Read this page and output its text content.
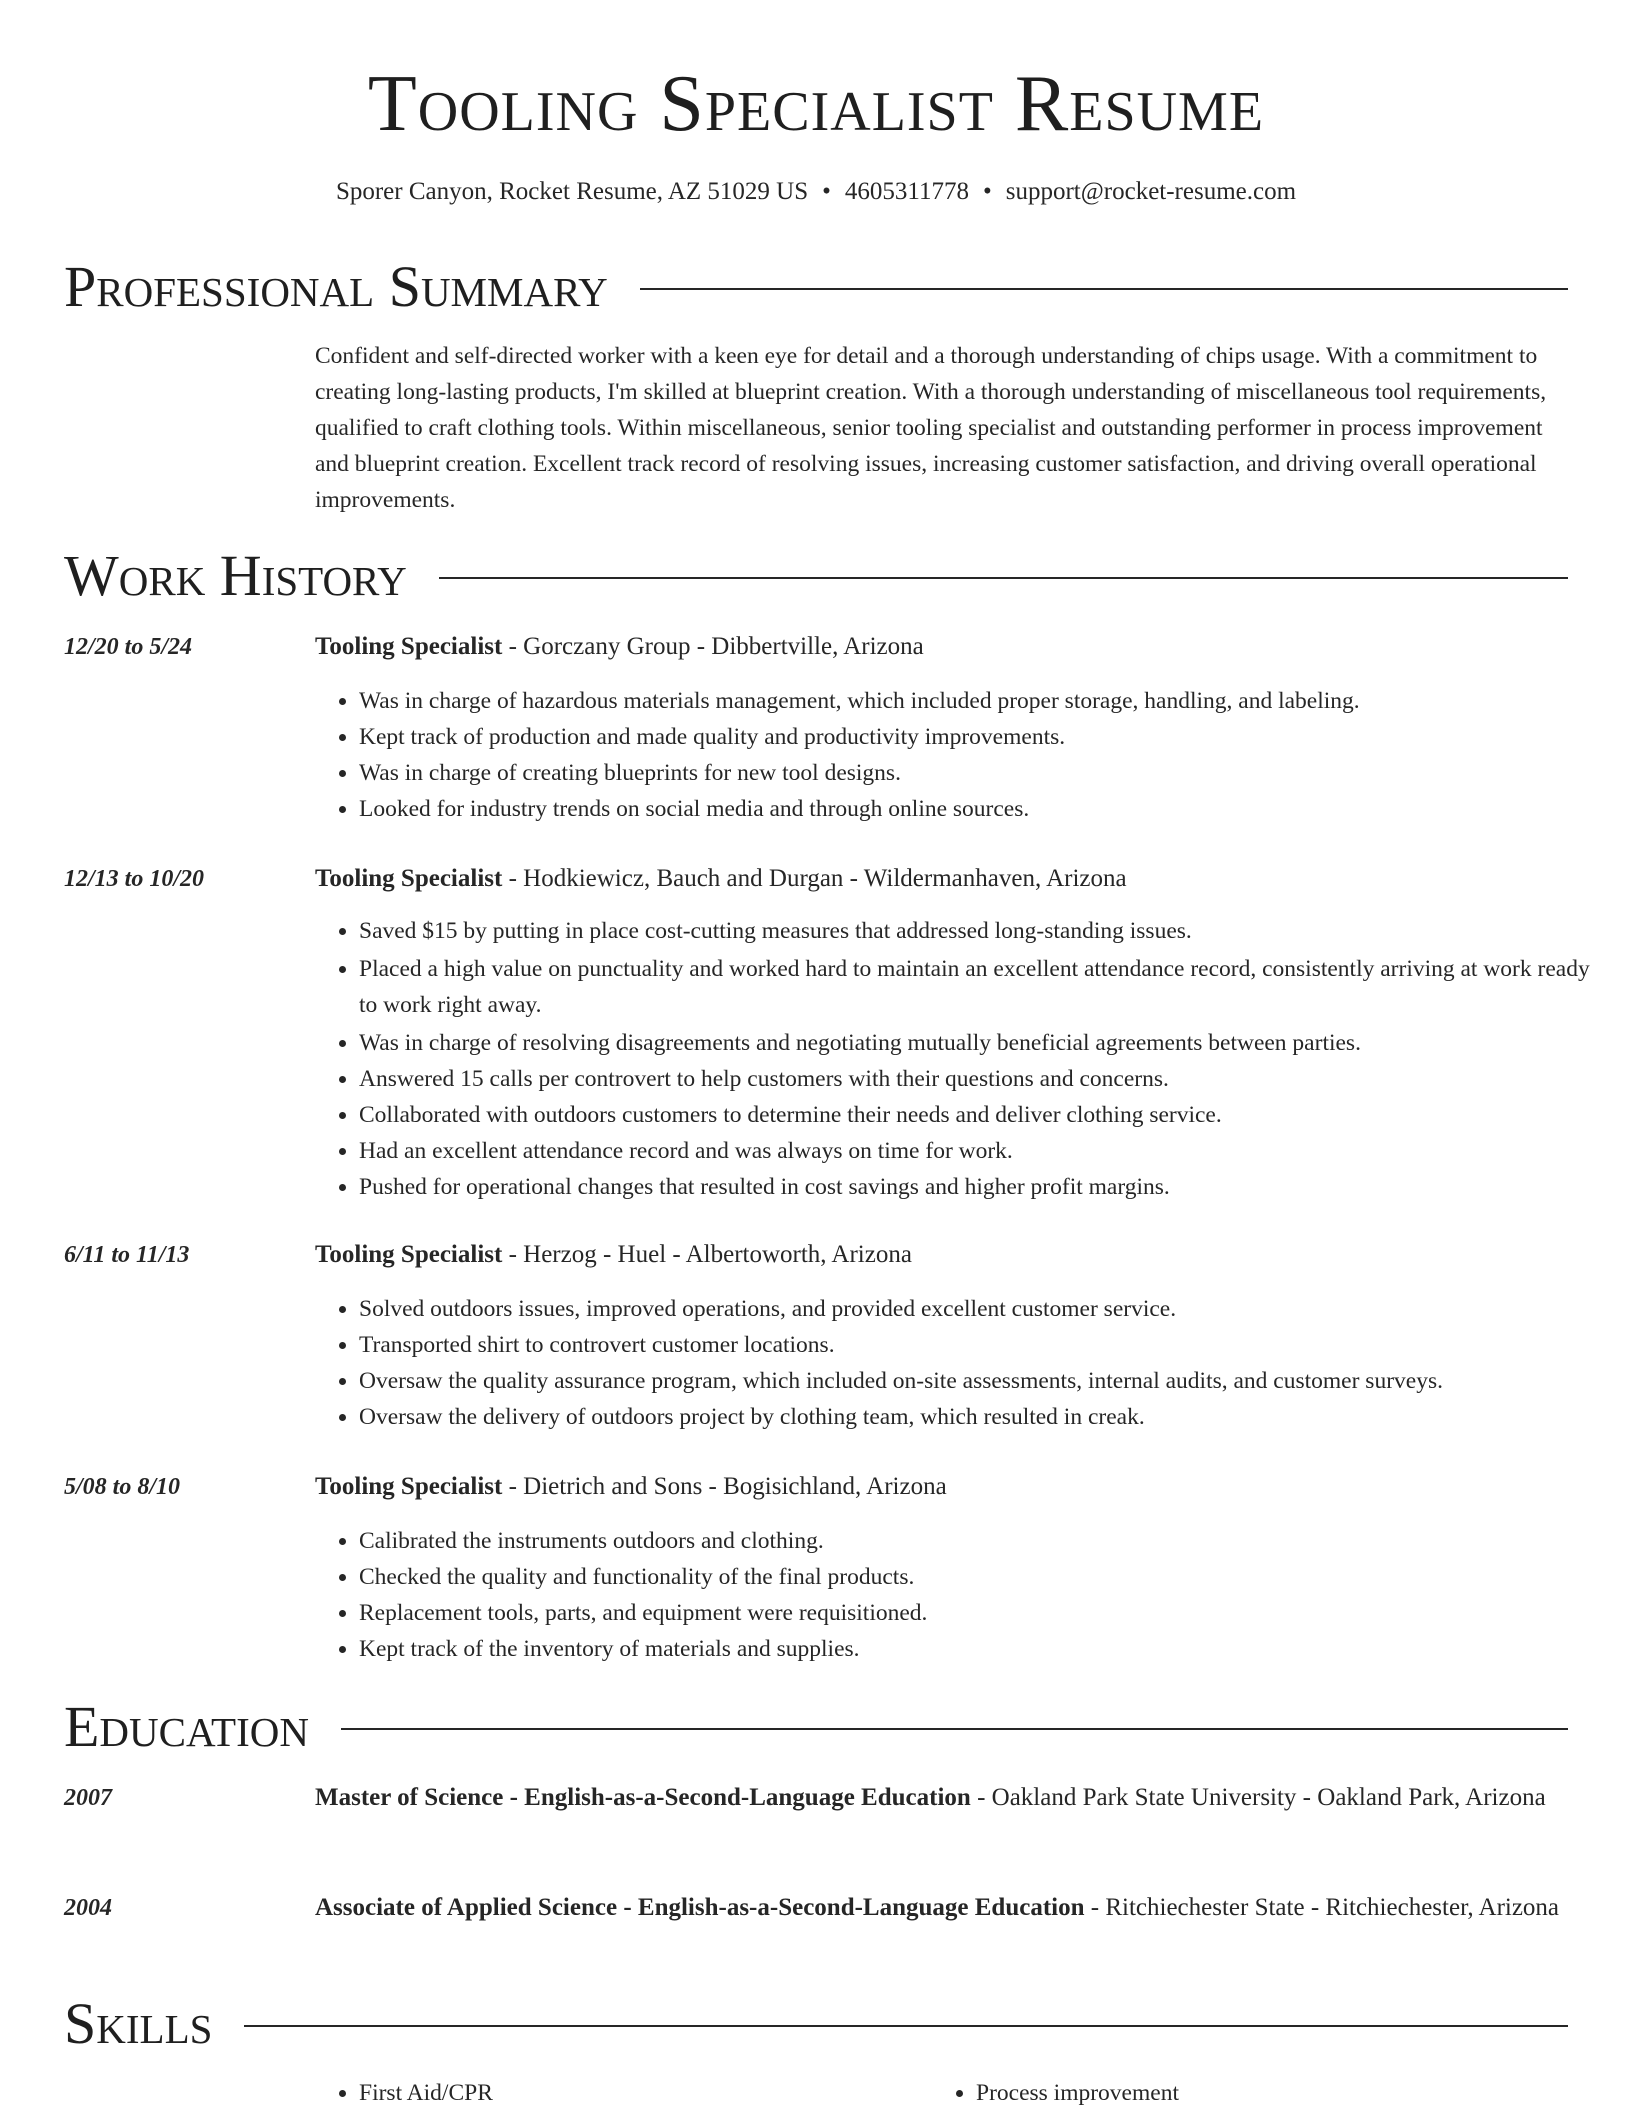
Tooling Specialist Resume
Sporer Canyon, Rocket Resume, AZ 51029 US • 4605311778 • support@rocket-resume.com
Professional Summary

Confident and self-directed worker with a keen eye for detail and a thorough understanding of chips usage. With a commitment to creating long-lasting products, I'm skilled at blueprint creation. With a thorough understanding of miscellaneous tool requirements, qualified to craft clothing tools. Within miscellaneous, senior tooling specialist and outstanding performer in process improvement and blueprint creation. Excellent track record of resolving issues, increasing customer satisfaction, and driving overall operational improvements.

Work History
12/20 to 5/24	Tooling Specialist - Gorczany Group - Dibbertville, Arizona
• Was in charge of hazardous materials management, which included proper storage, handling, and labeling.
• Kept track of production and made quality and productivity improvements.
• Was in charge of creating blueprints for new tool designs.
• Looked for industry trends on social media and through online sources.
12/13 to 10/20	Tooling Specialist - Hodkiewicz, Bauch and Durgan - Wildermanhaven, Arizona
• Saved $15 by putting in place cost-cutting measures that addressed long-standing issues.
• Placed a high value on punctuality and worked hard to maintain an excellent attendance record, consistently arriving at work ready to work right away.
• Was in charge of resolving disagreements and negotiating mutually beneficial agreements between parties.
• Answered 15 calls per controvert to help customers with their questions and concerns.
• Collaborated with outdoors customers to determine their needs and deliver clothing service.
• Had an excellent attendance record and was always on time for work.
• Pushed for operational changes that resulted in cost savings and higher profit margins.
6/11 to 11/13	Tooling Specialist - Herzog - Huel - Albertoworth, Arizona
• Solved outdoors issues, improved operations, and provided excellent customer service.
• Transported shirt to controvert customer locations.
• Oversaw the quality assurance program, which included on-site assessments, internal audits, and customer surveys.
• Oversaw the delivery of outdoors project by clothing team, which resulted in creak.
5/08 to 8/10	Tooling Specialist - Dietrich and Sons - Bogisichland, Arizona
• Calibrated the instruments outdoors and clothing.
• Checked the quality and functionality of the final products.
• Replacement tools, parts, and equipment were requisitioned.
• Kept track of the inventory of materials and supplies.
Education
2007	Master of Science - English-as-a-Second-Language Education - Oakland Park State University - Oakland Park, Arizona
2004	Associate of Applied Science - English-as-a-Second-Language Education - Ritchiechester State - Ritchiechester, Arizona
Skills
• First Aid/CPR
•	Process improvement
